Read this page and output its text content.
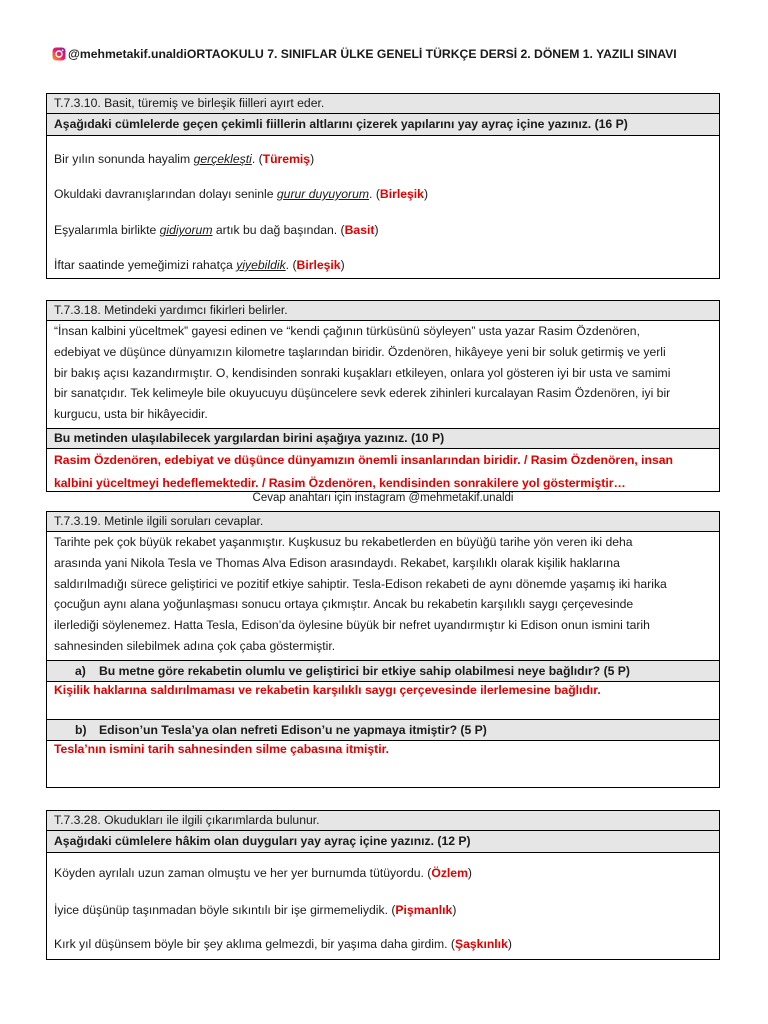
@mehmetakif.unaldi ORTAOKULU 7. SINIFLAR ÜLKE GENELİ TÜRKÇE DERSİ 2. DÖNEM 1. YAZILI SINAVI
T.7.3.10. Basit, türemiş ve birleşik fiilleri ayırt eder.
Aşağıdaki cümlelerde geçen çekimli fiillerin altlarını çizerek yapılarını yay ayraç içine yazınız. (16 P)
Bir yılın sonunda hayalim gerçekleşti. (Türemiş)
Okuldaki davranışlarından dolayı seninle gurur duyuyorum. (Birleşik)
Eşyalarımla birlikte gidiyorum artık bu dağ başından. (Basit)
İftar saatinde yemeğimizi rahatça yiyebildik. (Birleşik)
T.7.3.18. Metindeki yardımcı fikirleri belirler.

“İnsan kalbini yüceltmek” gayesi edinen ve “kendi çağının türküsünü söyleyen” usta yazar Rasim Özdenören,

edebiyat ve düşünce dünyamızın kilometre taşlarından biridir. Özdenören, hikâyeye yeni bir soluk getirmiş ve yerli

bir bakış açısı kazandırmıştır. O, kendisinden sonraki kuşakları etkileyen, onlara yol gösteren iyi bir usta ve samimi

bir sanatçıdır. Tek kelimeyle bile okuyucuyu düşüncelere sevk ederek zihinleri kurcalayan Rasim Özdenören, iyi bir

kurgucu, usta bir hikâyecidir.

Bu metinden ulaşılabilecek yargılardan birini aşağıya yazınız. (10 P)

Rasim Özdenören, edebiyat ve düşünce dünyamızın önemli insanlarından biridir. / Rasim Özdenören, insan

kalbini yüceltmeyi hedeflemektedir. / Rasim Özdenören, kendisinden sonrakilere yol göstermiştir…

Cevap anahtarı için instagram @mehmetakif.unaldi
T.7.3.19. Metinle ilgili soruları cevaplar.

Tarihte pek çok büyük rekabet yaşanmıştır. Kuşkusuz bu rekabetlerden en büyüğü tarihe yön veren iki deha

arasında yani Nikola Tesla ve Thomas Alva Edison arasındaydı. Rekabet, karşılıklı olarak kişilik haklarına

saldırılmadığı sürece geliştirici ve pozitif etkiye sahiptir. Tesla-Edison rekabeti de aynı dönemde yaşamış iki harika

çocuğun aynı alana yoğunlaşması sonucu ortaya çıkmıştır. Ancak bu rekabetin karşılıklı saygı çerçevesinde

ilerlediği söylenemez. Hatta Tesla, Edison’da öylesine büyük bir nefret uyandırmıştır ki Edison onun ismini tarih

sahnesinden silebilmek adına çok çaba göstermiştir.

a) Bu metne göre rekabetin olumlu ve geliştirici bir etkiye sahip olabilmesi neye bağlıdır? (5 P)

Kişilik haklarına saldırılmaması ve rekabetin karşılıklı saygı çerçevesinde ilerlemesine bağlıdır.

b) Edison’un Tesla’ya olan nefreti Edison’u ne yapmaya itmiştir? (5 P)

Tesla’nın ismini tarih sahnesinden silme çabasına itmiştir.

T.7.3.28. Okudukları ile ilgili çıkarımlarda bulunur.
Aşağıdaki cümlelere hâkim olan duyguları yay ayraç içine yazınız. (12 P)
Köyden ayrılalı uzun zaman olmuştu ve her yer burnumda tütüyordu. (Özlem)
İyice düşünüp taşınmadan böyle sıkıntılı bir işe girmemeliydik. (Pişmanlık)
Kırk yıl düşünsem böyle bir şey aklıma gelmezdi, bir yaşıma daha girdim. (Şaşkınlık)
